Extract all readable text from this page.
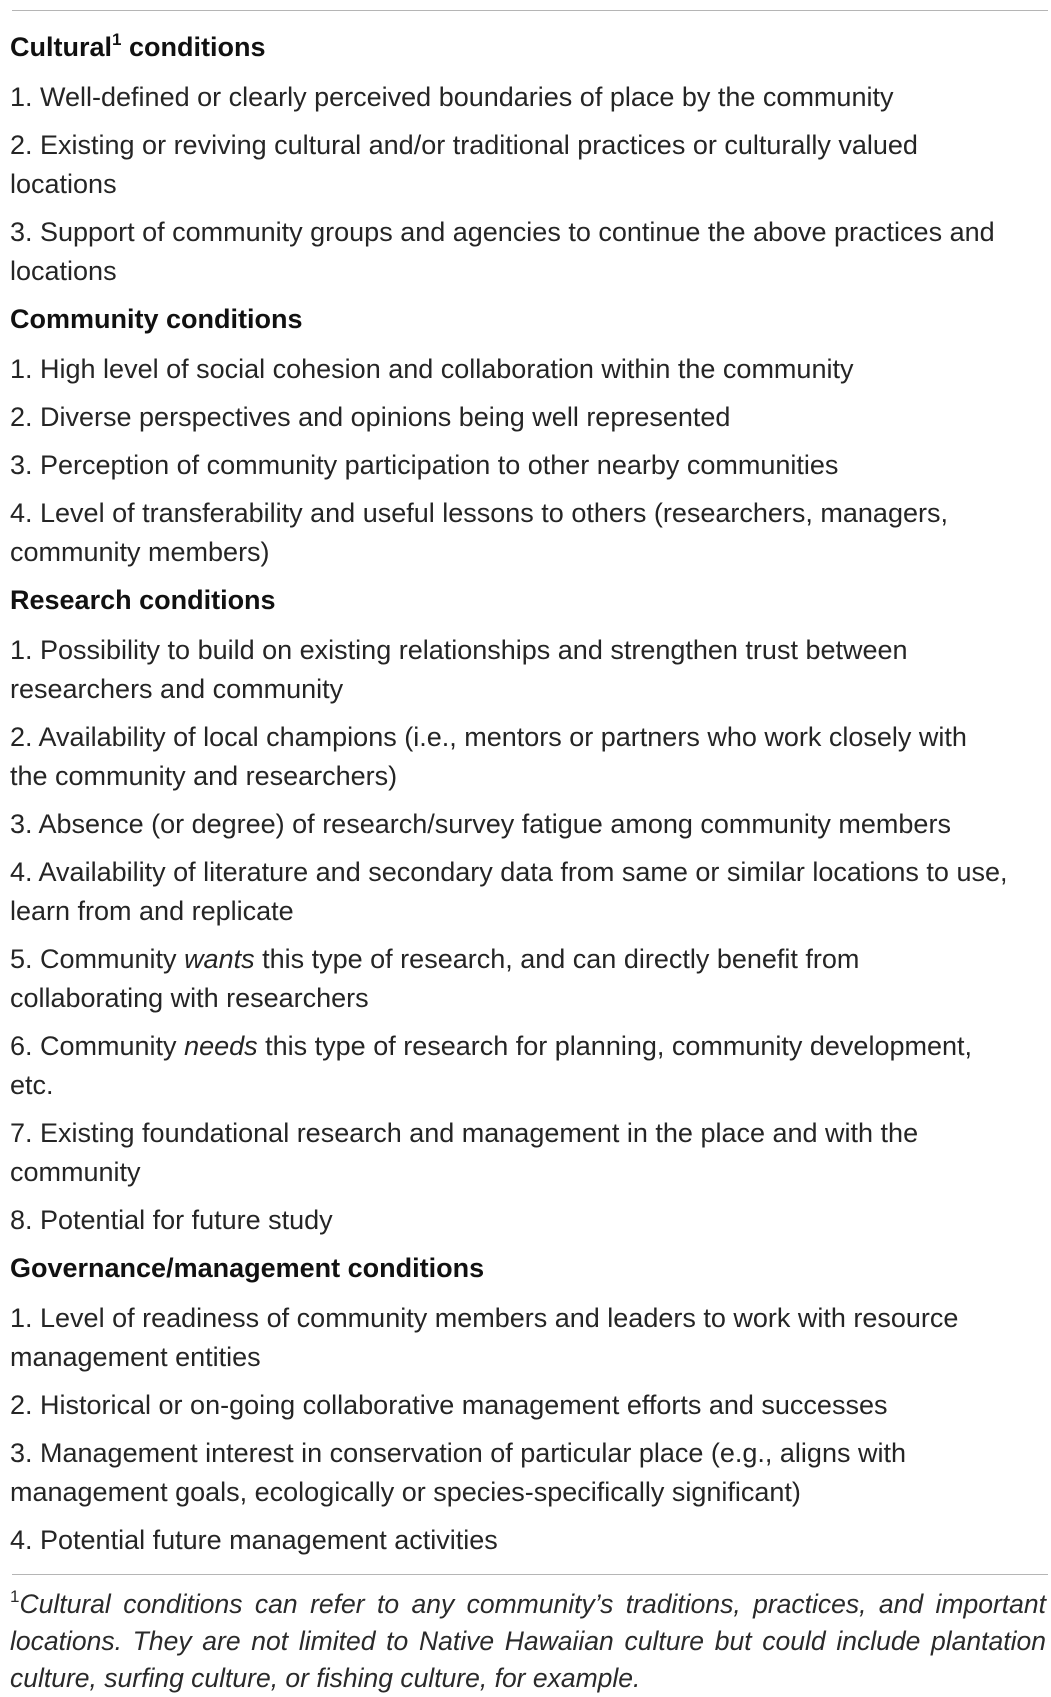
Cultural$^1$ conditions
1. Well-defined or clearly perceived boundaries of place by the community
2. Existing or reviving cultural and/or traditional practices or culturally valued locations
3. Support of community groups and agencies to continue the above practices and locations
Community conditions
1. High level of social cohesion and collaboration within the community
2. Diverse perspectives and opinions being well represented
3. Perception of community participation to other nearby communities
4. Level of transferability and useful lessons to others (researchers, managers, community members)
Research conditions
1. Possibility to build on existing relationships and strengthen trust between researchers and community
2. Availability of local champions (i.e., mentors or partners who work closely with the community and researchers)
3. Absence (or degree) of research/survey fatigue among community members
4. Availability of literature and secondary data from same or similar locations to use, learn from and replicate
5. Community wants this type of research, and can directly benefit from collaborating with researchers
6. Community needs this type of research for planning, community development, etc.
7. Existing foundational research and management in the place and with the community
8. Potential for future study
Governance/management conditions
1. Level of readiness of community members and leaders to work with resource management entities
2. Historical or on-going collaborative management efforts and successes
3. Management interest in conservation of particular place (e.g., aligns with management goals, ecologically or species-specifically significant)
4. Potential future management activities
$^1$Cultural conditions can refer to any community’s traditions, practices, and important locations. They are not limited to Native Hawaiian culture but could include plantation culture, surfing culture, or fishing culture, for example.
